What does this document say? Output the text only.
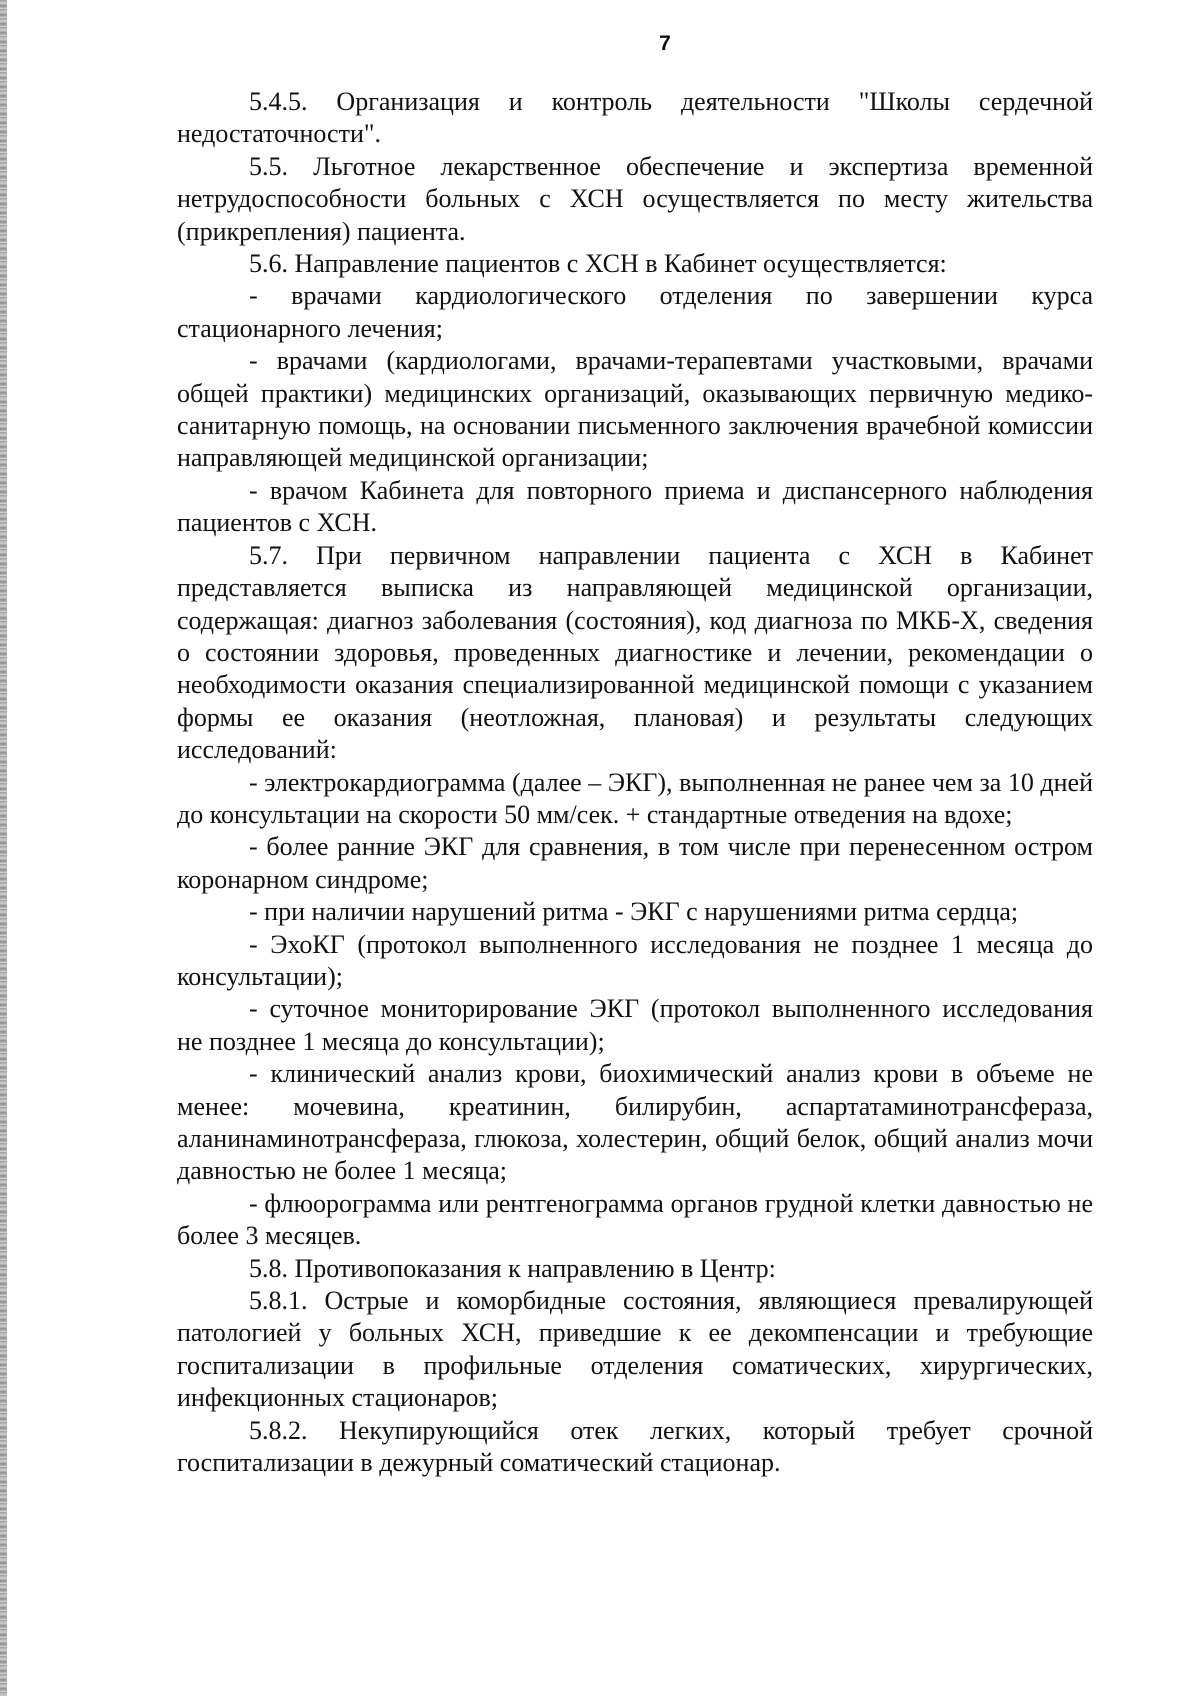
7

5.4.5. Организация и контроль деятельности "Школы сердечной недостаточности".

5.5. Льготное лекарственное обеспечение и экспертиза временной нетрудоспособности больных с ХСН осуществляется по месту жительства (прикрепления) пациента.

5.6. Направление пациентов с ХСН в Кабинет осуществляется:

- врачами кардиологического отделения по завершении курса стационарного лечения;

- врачами (кардиологами, врачами-терапевтами участковыми, врачами общей практики) медицинских организаций, оказывающих первичную медико-санитарную помощь, на основании письменного заключения врачебной комиссии направляющей медицинской организации;

- врачом Кабинета для повторного приема и диспансерного наблюдения пациентов с ХСН.

5.7. При первичном направлении пациента с ХСН в Кабинет представляется выписка из направляющей медицинской организации, содержащая: диагноз заболевания (состояния), код диагноза по МКБ-Х, сведения о состоянии здоровья, проведенных диагностике и лечении, рекомендации о необходимости оказания специализированной медицинской помощи с указанием формы ее оказания (неотложная, плановая) и результаты следующих исследований:

- электрокардиограмма (далее – ЭКГ), выполненная не ранее чем за 10 дней до консультации на скорости 50 мм/сек. + стандартные отведения на вдохе;

- более ранние ЭКГ для сравнения, в том числе при перенесенном остром коронарном синдроме;

- при наличии нарушений ритма - ЭКГ с нарушениями ритма сердца;

- ЭхоКГ (протокол выполненного исследования не позднее 1 месяца до консультации);

- суточное мониторирование ЭКГ (протокол выполненного исследования не позднее 1 месяца до консультации);

- клинический анализ крови, биохимический анализ крови в объеме не менее: мочевина, креатинин, билирубин, аспартатаминотрансфераза, аланинаминотрансфераза, глюкоза, холестерин, общий белок, общий анализ мочи давностью не более 1 месяца;

- флюорограмма или рентгенограмма органов грудной клетки давностью не более 3 месяцев.

5.8. Противопоказания к направлению в Центр:

5.8.1. Острые и коморбидные состояния, являющиеся превалирующей патологией у больных ХСН, приведшие к ее декомпенсации и требующие госпитализации в профильные отделения соматических, хирургических, инфекционных стационаров;

5.8.2. Некупирующийся отек легких, который требует срочной госпитализации в дежурный соматический стационар.
